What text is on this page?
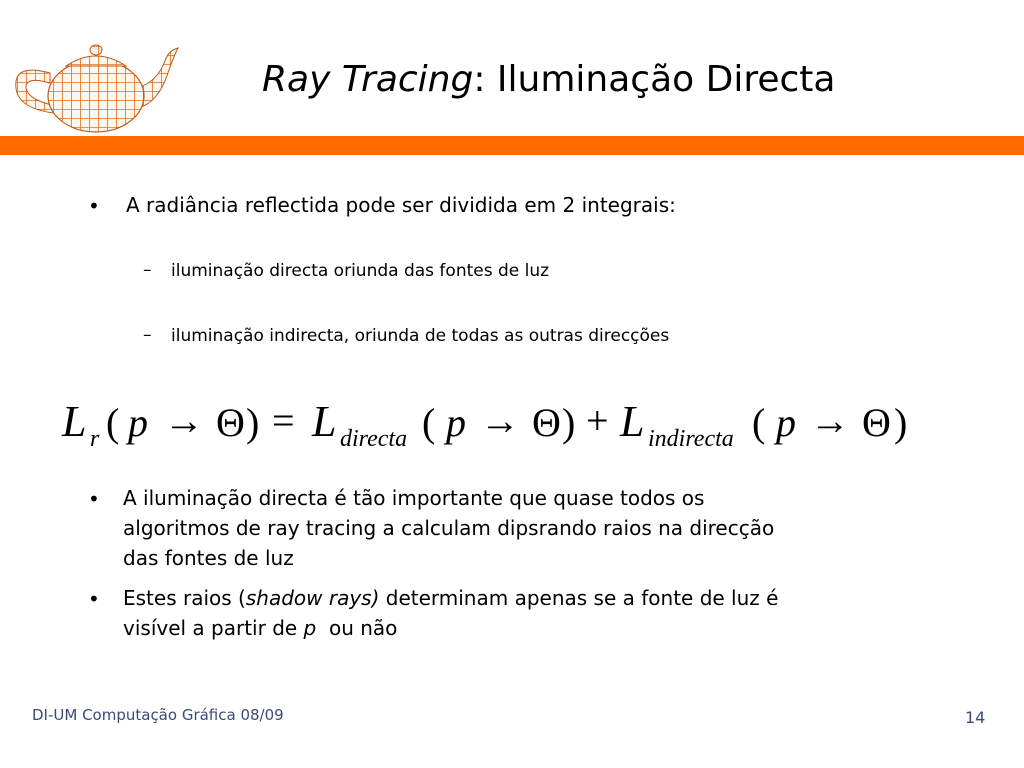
Ray Tracing: Iluminação Directa
• A radiância reflectida pode ser dividida em 2 integrais:
– iluminação directa oriunda das fontes de luz
– iluminação indirecta, oriunda de todas as outras direcções
L r ( p → Θ ) = L directa ( p → Θ ) + L indirecta ( p → Θ )
• A iluminação directa é tão importante que quase todos os
algoritmos de ray tracing a calculam dipsrando raios na direcção
das fontes de luz
• Estes raios (shadow rays) determinam apenas se a fonte de luz é
visível a partir de p  ou não
DI-UM Computação Gráfica 08/09	14
